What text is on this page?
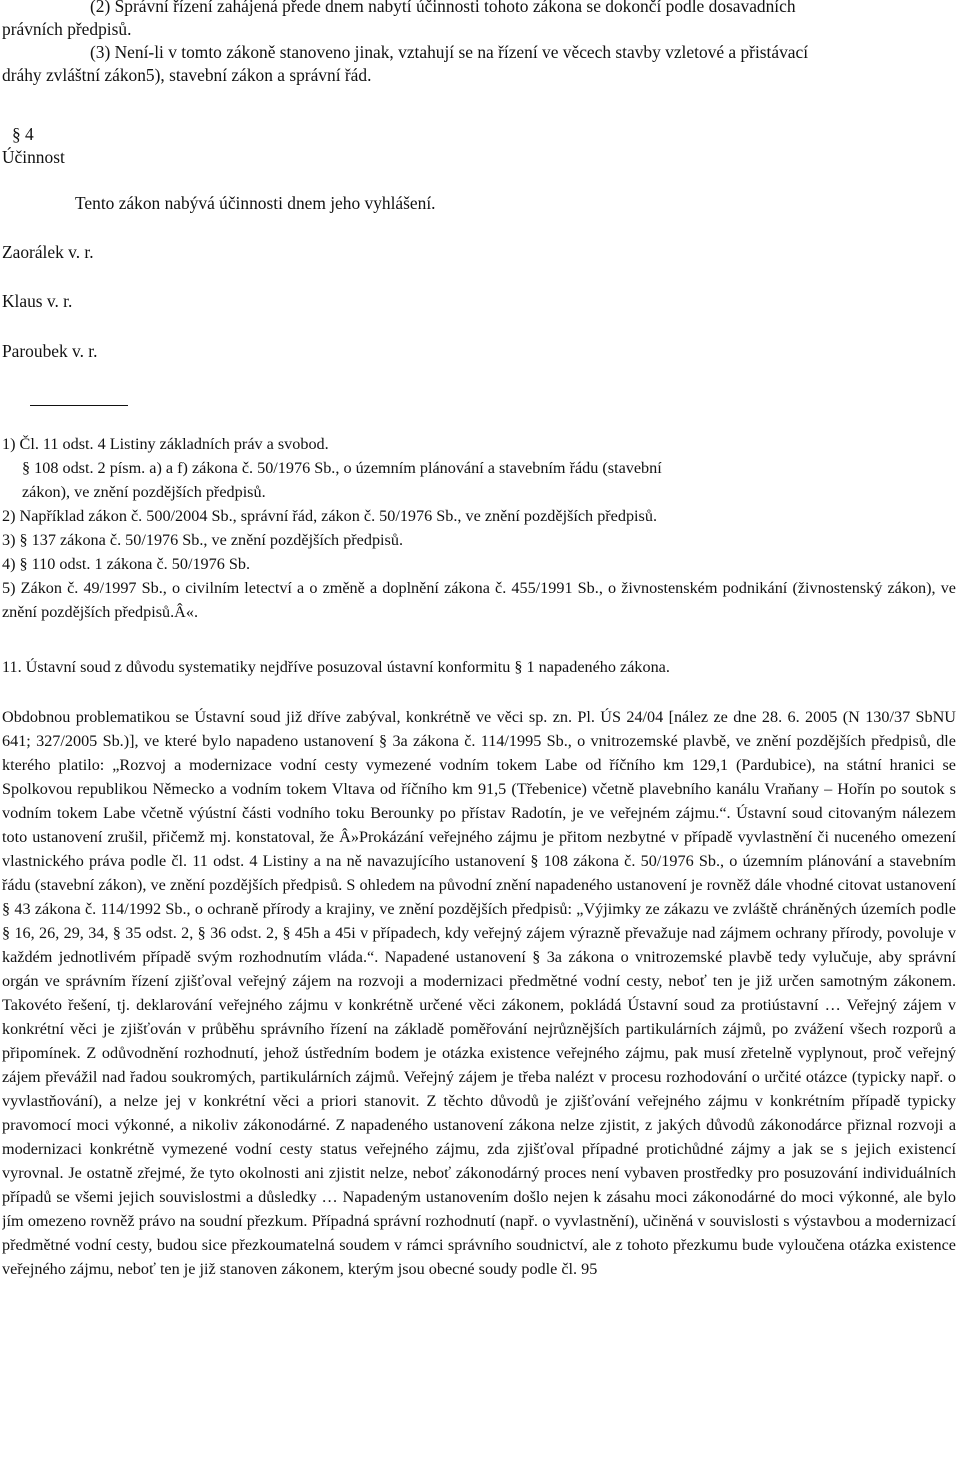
(2) Správní řízení zahájená přede dnem nabytí účinnosti tohoto zákona se dokončí podle dosavadních
právních předpisů.
(3) Není-li v tomto zákoně stanoveno jinak, vztahují se na řízení ve věcech stavby vzletové a přistávací
dráhy zvláštní zákon5), stavební zákon a správní řád.
§ 4
Účinnost
Tento zákon nabývá účinnosti dnem jeho vyhlášení.
Zaorálek v. r.
Klaus v. r.
Paroubek v. r.
1) Čl. 11 odst. 4 Listiny základních práv a svobod.
§ 108 odst. 2 písm. a) a f) zákona č. 50/1976 Sb., o územním plánování a stavebním řádu (stavební
zákon), ve znění pozdějších předpisů.
2) Například zákon č. 500/2004 Sb., správní řád, zákon č. 50/1976 Sb., ve znění pozdějších předpisů.
3) § 137 zákona č. 50/1976 Sb., ve znění pozdějších předpisů.
4) § 110 odst. 1 zákona č. 50/1976 Sb.
5) Zákon č. 49/1997 Sb., o civilním letectví a o změně a doplnění zákona č. 455/1991 Sb., o živnostenském podnikání (živnostenský zákon), ve znění pozdějších předpisů.Â«.
11. Ústavní soud z důvodu systematiky nejdříve posuzoval ústavní konformitu § 1 napadeného zákona.

Obdobnou problematikou se Ústavní soud již dříve zabýval, konkrétně ve věci sp. zn. Pl. ÚS 24/04 [nález ze dne 28. 6. 2005 (N 130/37 SbNU 641; 327/2005 Sb.)], ve které bylo napadeno ustanovení § 3a zákona č. 114/1995 Sb., o vnitrozemské plavbě, ve znění pozdějších předpisů, dle kterého platilo: „Rozvoj a modernizace vodní cesty vymezené vodním tokem Labe od říčního km 129,1 (Pardubice), na státní hranici se Spolkovou republikou Německo a vodním tokem Vltava od říčního km 91,5 (Třebenice) včetně plavebního kanálu Vraňany – Hořín po soutok s vodním tokem Labe včetně výústní části vodního toku Berounky po přístav Radotín, je ve veřejném zájmu.“. Ústavní soud citovaným nálezem toto ustanovení zrušil, přičemž mj. konstatoval, že Â»Prokázání veřejného zájmu je přitom nezbytné v případě vyvlastnění či nuceného omezení vlastnického práva podle čl. 11 odst. 4 Listiny a na ně navazujícího ustanovení § 108 zákona č. 50/1976 Sb., o územním plánování a stavebním řádu (stavební zákon), ve znění pozdějších předpisů. S ohledem na původní znění napadeného ustanovení je rovněž dále vhodné citovat ustanovení § 43 zákona č. 114/1992 Sb., o ochraně přírody a krajiny, ve znění pozdějších předpisů: „Výjimky ze zákazu ve zvláště chráněných územích podle § 16, 26, 29, 34, § 35 odst. 2, § 36 odst. 2, § 45h a 45i v případech, kdy veřejný zájem výrazně převažuje nad zájmem ochrany přírody, povoluje v každém jednotlivém případě svým rozhodnutím vláda.“. Napadené ustanovení § 3a zákona o vnitrozemské plavbě tedy vylučuje, aby správní orgán ve správním řízení zjišťoval veřejný zájem na rozvoji a modernizaci předmětné vodní cesty, neboť ten je již určen samotným zákonem. Takovéto řešení, tj. deklarování veřejného zájmu v konkrétně určené věci zákonem, pokládá Ústavní soud za protiústavní … Veřejný zájem v konkrétní věci je zjišťován v průběhu správního řízení na základě poměřování nejrůznějších partikulárních zájmů, po zvážení všech rozporů a připomínek. Z odůvodnění rozhodnutí, jehož ústředním bodem je otázka existence veřejného zájmu, pak musí zřetelně vyplynout, proč veřejný zájem převážil nad řadou soukromých, partikulárních zájmů. Veřejný zájem je třeba nalézt v procesu rozhodování o určité otázce (typicky např. o vyvlastňování), a nelze jej v konkrétní věci a priori stanovit. Z těchto důvodů je zjišťování veřejného zájmu v konkrétním případě typicky pravomocí moci výkonné, a nikoliv zákonodárné. Z napadeného ustanovení zákona nelze zjistit, z jakých důvodů zákonodárce přiznal rozvoji a modernizaci konkrétně vymezené vodní cesty status veřejného zájmu, zda zjišťoval případné protichůdné zájmy a jak se s jejich existencí vyrovnal. Je ostatně zřejmé, že tyto okolnosti ani zjistit nelze, neboť zákonodárný proces není vybaven prostředky pro posuzování individuálních případů se všemi jejich souvislostmi a důsledky … Napadeným ustanovením došlo nejen k zásahu moci zákonodárné do moci výkonné, ale bylo jím omezeno rovněž právo na soudní přezkum. Případná správní rozhodnutí (např. o vyvlastnění), učiněná v souvislosti s výstavbou a modernizací předmětné vodní cesty, budou sice přezkoumatelná soudem v rámci správního soudnictví, ale z tohoto přezkumu bude vyloučena otázka existence veřejného zájmu, neboť ten je již stanoven zákonem, kterým jsou obecné soudy podle čl. 95
